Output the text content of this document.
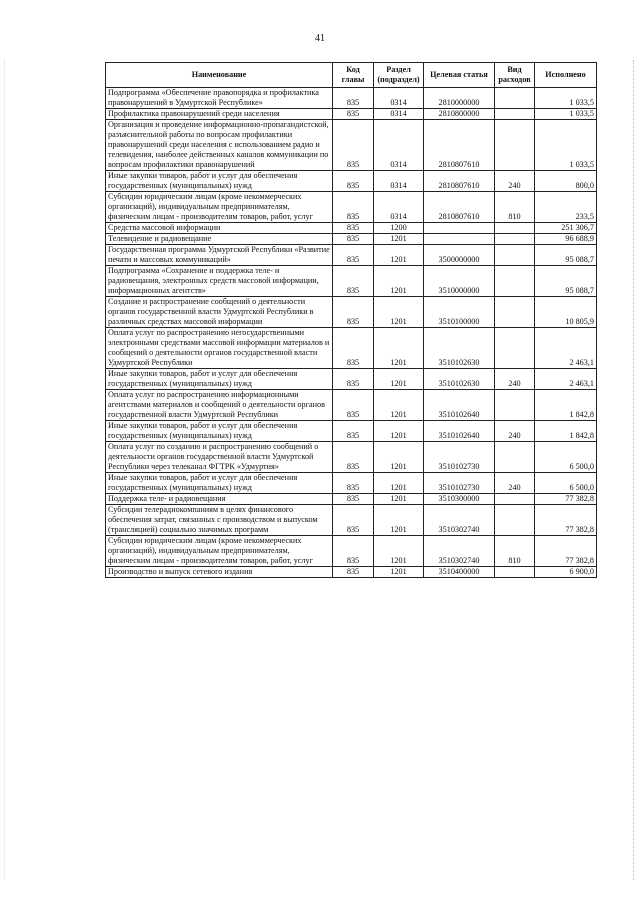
41
Наименование	Код главы	Раздел (подраздел)	Целевая статья	Вид расходов	Исполнено
Подпрограмма «Обеспечение правопорядка и профилактика правонарушений в Удмуртской Республике»	835	0314	2810000000		1 033,5
Профилактика правонарушений среди населения	835	0314	2810800000		1 033,5
Организация и проведение информационно-пропагандистской, разъяснительной работы по вопросам профилактики правонарушений среди населения с использованием радио и телевидения, наиболее действенных каналов коммуникации по вопросам профилактики правонарушений	835	0314	2810807610		1 033,5
Иные закупки товаров, работ и услуг для обеспечения государственных (муниципальных) нужд	835	0314	2810807610	240	800,0
Субсидии юридическим лицам (кроме некоммерческих организаций), индивидуальным предпринимателям, физическим лицам - производителям товаров, работ, услуг	835	0314	2810807610	810	233,5
Средства массовой информации	835	1200			251 306,7
Телевидение и радиовещание	835	1201			96 688,9
Государственная программа Удмуртской Республики «Развитие печати и массовых коммуникаций»	835	1201	3500000000		95 088,7
Подпрограмма «Сохранение и поддержка теле- и радиовещания, электронных средств массовой информации, информационных агентств»	835	1201	3510000000		95 088,7
Создание и распространение сообщений о деятельности органов государственной власти Удмуртской Республики в различных средствах массовой информации	835	1201	3510100000		10 805,9
Оплата услуг по распространению негосударственными электронными средствами массовой информации материалов и сообщений о деятельности органов государственной власти Удмуртской Республики	835	1201	3510102630		2 463,1
Иные закупки товаров, работ и услуг для обеспечения государственных (муниципальных) нужд	835	1201	3510102630	240	2 463,1
Оплата услуг по распространению информационными агентствами материалов и сообщений о деятельности органов государственной власти Удмуртской Республики	835	1201	3510102640		1 842,8
Иные закупки товаров, работ и услуг для обеспечения государственных (муниципальных) нужд	835	1201	3510102640	240	1 842,8
Оплата услуг по созданию и распространению сообщений о деятельности органов государственной власти Удмуртской Республики через телеканал ФГТРК «Удмуртия»	835	1201	3510102730		6 500,0
Иные закупки товаров, работ и услуг для обеспечения государственных (муниципальных) нужд	835	1201	3510102730	240	6 500,0
Поддержка теле- и радиовещания	835	1201	3510300000		77 382,8
Субсидии телерадиокомпаниям в целях финансового обеспечения затрат, связанных с производством и выпуском (трансляцией) социально значимых программ	835	1201	3510302740		77 382,8
Субсидии юридическим лицам (кроме некоммерческих организаций), индивидуальным предпринимателям, физическим лицам - производителям товаров, работ, услуг	835	1201	3510302740	810	77 382,8
Производство и выпуск сетевого издания	835	1201	3510400000		6 900,0
